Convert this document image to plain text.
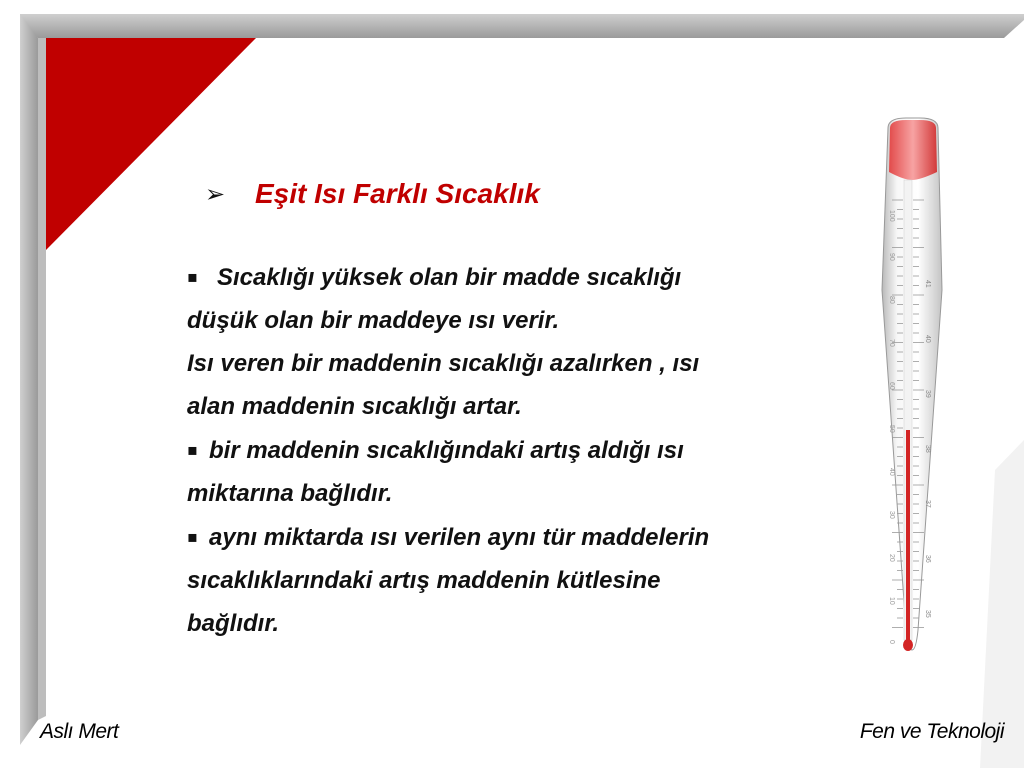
➢	Eşit Isı Farklı Sıcaklık
▪ Sıcaklığı yüksek olan bir madde sıcaklığı
düşük olan bir maddeye ısı verir.
Isı veren bir maddenin sıcaklığı azalırken , ısı
alan maddenin sıcaklığı artar.
▪ bir maddenin sıcaklığındaki artış aldığı ısı
miktarına bağlıdır.
▪ aynı miktarda ısı verilen aynı tür maddelerin
sıcaklıklarındaki artış maddenin kütlesine
bağlıdır.
100
90
80
70
60
50
40
30
20
10
0
41
40
39
38
37
36
35
Aslı Mert	Fen ve Teknoloji
